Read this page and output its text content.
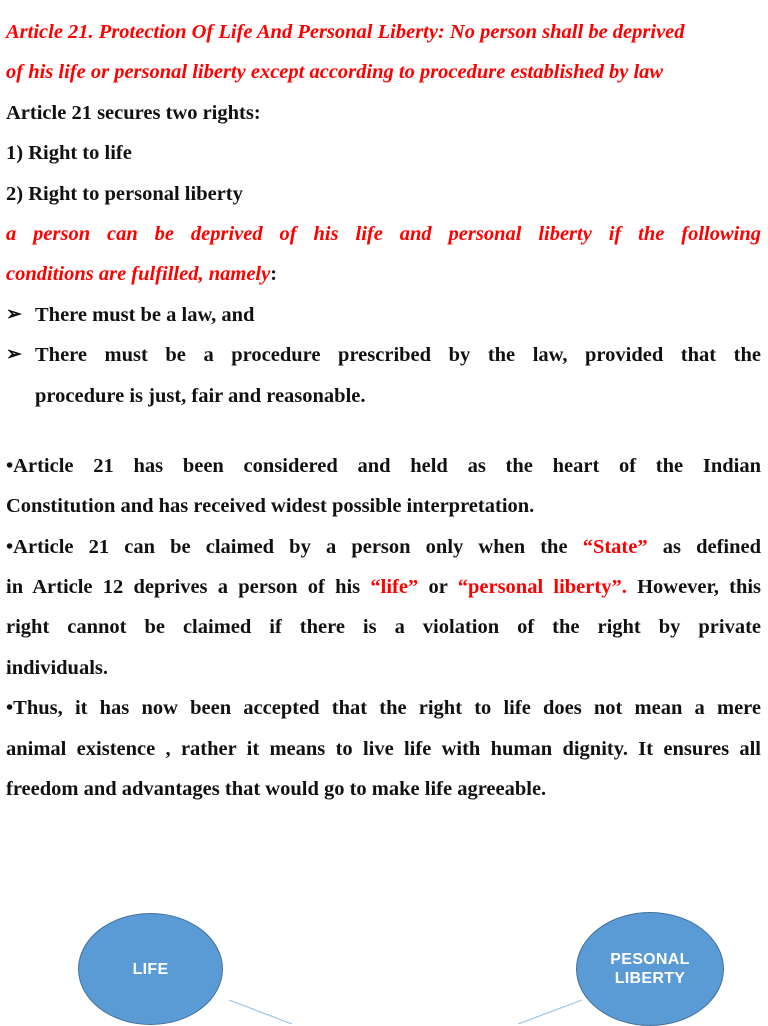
Article 21. Protection Of Life And Personal Liberty: No person shall be deprived

of his life or personal liberty except according to procedure established by law

Article 21 secures two rights:

1) Right to life

2) Right to personal liberty

a person can be deprived of his life and personal liberty if the following

conditions are fulfilled, namely:

➢ There must be a law, and
➢ There must be a procedure prescribed by the law, provided that the

procedure is just, fair and reasonable.

•Article 21 has been considered and held as the heart of the Indian

Constitution and has received widest possible interpretation.

•Article 21 can be claimed by a person only when the “State” as defined

in Article 12 deprives a person of his “life” or “personal liberty”. However, this

right cannot be claimed if there is a violation of the right by private

individuals.

•Thus, it has now been accepted that the right to life does not mean a mere

animal existence , rather it means to live life with human dignity. It ensures all

freedom and advantages that would go to make life agreeable.

LIFE
PESONAL
LIBERTY
